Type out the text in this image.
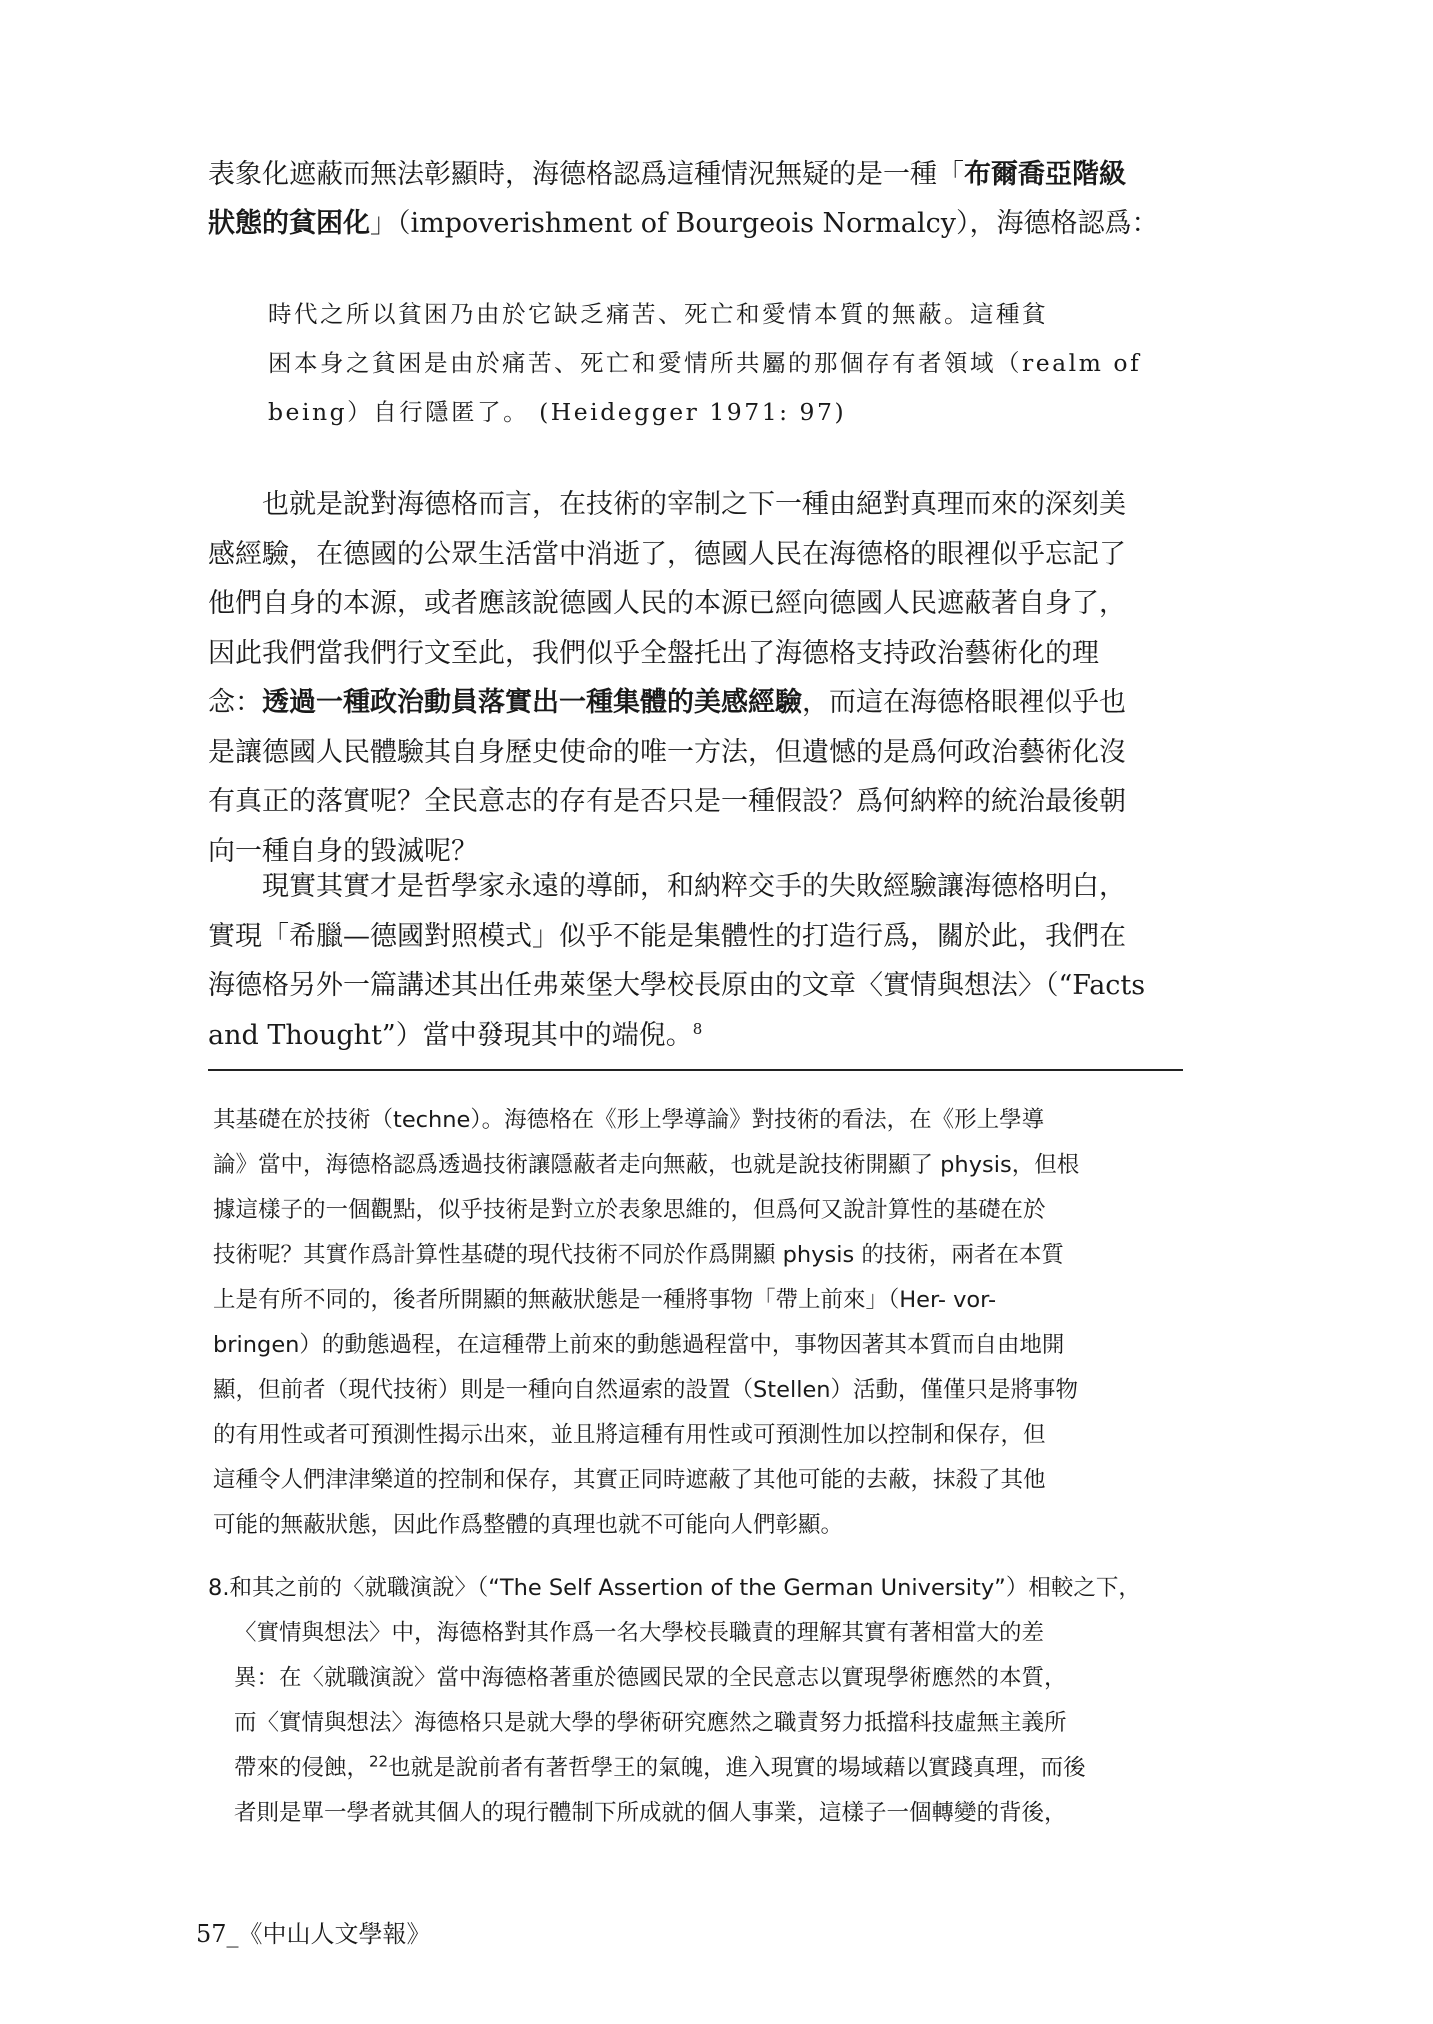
表象化遮蔽而無法彰顯時，海德格認爲這種情況無疑的是一種「布爾喬亞階級
狀態的貧困化」（impoverishment of Bourgeois Normalcy），海德格認爲：
時代之所以貧困乃由於它缺乏痛苦、死亡和愛情本質的無蔽。這種貧
困本身之貧困是由於痛苦、死亡和愛情所共屬的那個存有者領域（realm of
being）自行隱匿了。 (Heidegger 1971: 97)
也就是說對海德格而言，在技術的宰制之下一種由絕對真理而來的深刻美
感經驗，在德國的公眾生活當中消逝了，德國人民在海德格的眼裡似乎忘記了
他們自身的本源，或者應該說德國人民的本源已經向德國人民遮蔽著自身了，
因此我們當我們行文至此，我們似乎全盤托出了海德格支持政治藝術化的理
念：透過一種政治動員落實出一種集體的美感經驗，而這在海德格眼裡似乎也
是讓德國人民體驗其自身歷史使命的唯一方法，但遺憾的是爲何政治藝術化沒
有真正的落實呢？全民意志的存有是否只是一種假設？爲何納粹的統治最後朝
向一種自身的毀滅呢？
現實其實才是哲學家永遠的導師，和納粹交手的失敗經驗讓海德格明白，
實現「希臘—德國對照模式」似乎不能是集體性的打造行爲，關於此，我們在
海德格另外一篇講述其出任弗萊堡大學校長原由的文章〈實情與想法〉（“Facts
and Thought”）當中發現其中的端倪。$^8$
其基礎在於技術（techne）。海德格在《形上學導論》對技術的看法，在《形上學導
論》當中，海德格認爲透過技術讓隱蔽者走向無蔽，也就是說技術開顯了 physis，但根
據這樣子的一個觀點，似乎技術是對立於表象思維的，但爲何又說計算性的基礎在於
技術呢？其實作爲計算性基礎的現代技術不同於作爲開顯 physis 的技術，兩者在本質
上是有所不同的，後者所開顯的無蔽狀態是一種將事物「帶上前來」（Her- vor-
bringen）的動態過程，在這種帶上前來的動態過程當中，事物因著其本質而自由地開
顯，但前者（現代技術）則是一種向自然逼索的設置（Stellen）活動，僅僅只是將事物
的有用性或者可預測性揭示出來，並且將這種有用性或可預測性加以控制和保存，但
這種令人們津津樂道的控制和保存，其實正同時遮蔽了其他可能的去蔽，抹殺了其他
可能的無蔽狀態，因此作爲整體的真理也就不可能向人們彰顯。
8.和其之前的〈就職演說〉（“The Self Assertion of the German University”）相較之下，
〈實情與想法〉中，海德格對其作爲一名大學校長職責的理解其實有著相當大的差
異：在〈就職演說〉當中海德格著重於德國民眾的全民意志以實現學術應然的本質，
而〈實情與想法〉海德格只是就大學的學術研究應然之職責努力抵擋科技虛無主義所
帶來的侵蝕，$^{22}$也就是說前者有著哲學王的氣魄，進入現實的場域藉以實踐真理，而後
者則是單一學者就其個人的現行體制下所成就的個人事業，這樣子一個轉變的背後，
57_《中山人文學報》
